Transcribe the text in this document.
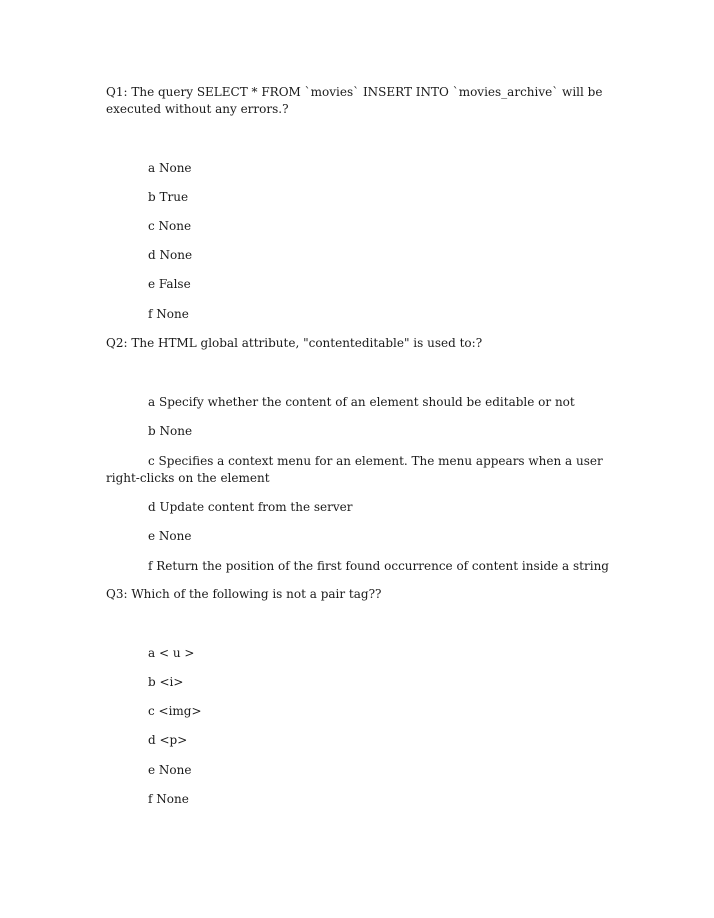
Q1: The query SELECT * FROM `movies` INSERT INTO `movies_archive` will be executed without any errors.?
a None
b True
c None
d None
e False
f None
Q2: The HTML global attribute, "contenteditable" is used to:?
a Specify whether the content of an element should be editable or not
b None
c Specifies a context menu for an element. The menu appears when a user right-clicks on the element
d Update content from the server
e None
f Return the position of the first found occurrence of content inside a string
Q3: Which of the following is not a pair tag??
a < u >
b <i>
c <img>
d <p>
e None
f None
